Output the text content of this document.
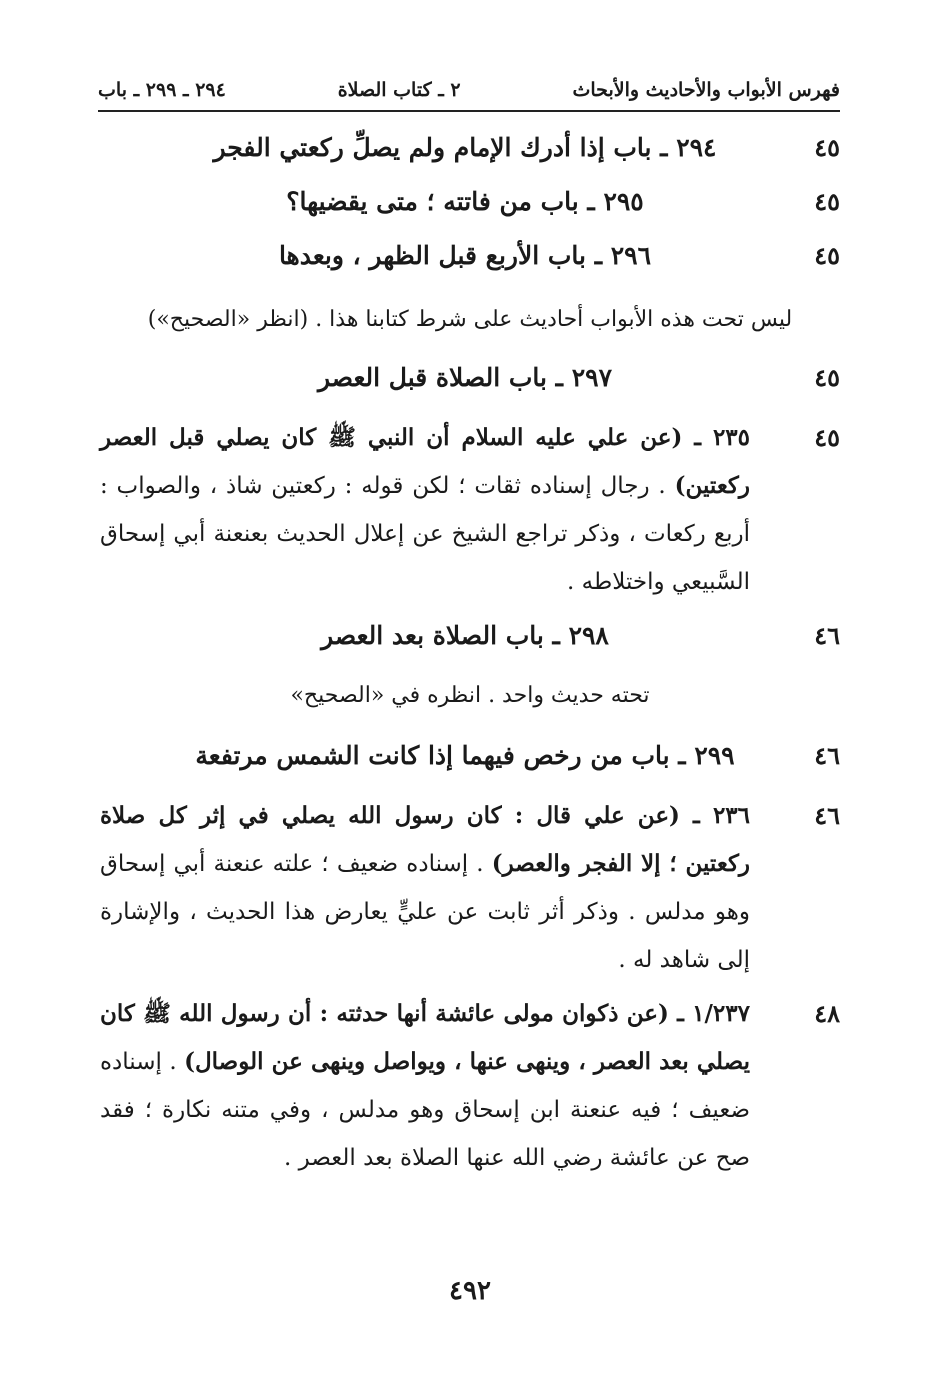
فهرس الأبواب والأحاديث والأبحاث
٢ ـ كتاب الصلاة
٢٩٤ ـ ٢٩٩ ـ باب
٤٥
٢٩٤ ـ باب إذا أدرك الإمام ولم يصلِّ ركعتي الفجر
٤٥
٢٩٥ ـ باب من فاتته ؛ متى يقضيها؟
٤٥
٢٩٦ ـ باب الأربع قبل الظهر ، وبعدها
ليس تحت هذه الأبواب أحاديث على شرط كتابنا هذا . (انظر «الصحيح»)
٤٥
٢٩٧ ـ باب الصلاة قبل العصر
٤٥
٢٣٥ ـ (عن علي عليه السلام أن النبي ﷺ كان يصلي قبل العصر ركعتين) . رجال إسناده ثقات ؛ لكن قوله : ركعتين شاذ ، والصواب : أربع ركعات ، وذكر تراجع الشيخ عن إعلال الحديث بعنعنة أبي إسحاق السَّبيعي واختلاطه .
٤٦
٢٩٨ ـ باب الصلاة بعد العصر
تحته حديث واحد . انظره في «الصحيح»
٤٦
٢٩٩ ـ باب من رخص فيهما إذا كانت الشمس مرتفعة
٤٦
٢٣٦ ـ (عن علي قال : كان رسول الله يصلي في إثر كل صلاة ركعتين ؛ إلا الفجر والعصر) . إسناده ضعيف ؛ علته عنعنة أبي إسحاق وهو مدلس . وذكر أثر ثابت عن عليٍّ يعارض هذا الحديث ، والإشارة إلى شاهد له .
٤٨
١/٢٣٧ ـ (عن ذكوان مولى عائشة أنها حدثته : أن رسول الله ﷺ كان يصلي بعد العصر ، وينهى عنها ، ويواصل وينهى عن الوصال) . إسناده ضعيف ؛ فيه عنعنة ابن إسحاق وهو مدلس ، وفي متنه نكارة ؛ فقد صح عن عائشة رضي الله عنها الصلاة بعد العصر .
٤٩٢
